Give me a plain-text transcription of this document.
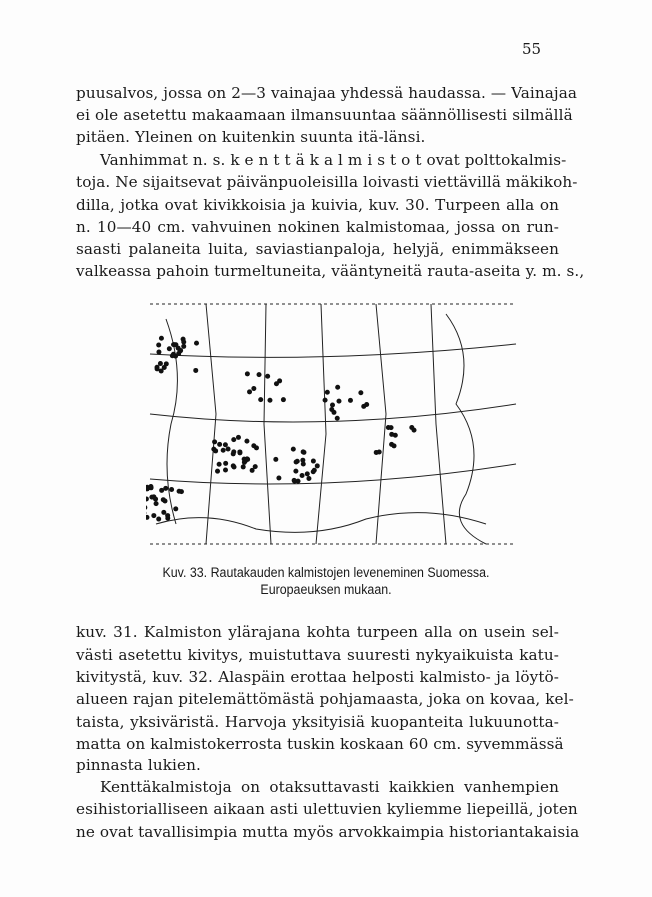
55
puusalvos, jossa on 2—3 vainajaa yhdessä haudassa. — Vainajaa
ei ole asetettu makaamaan ilmansuuntaa säännöllisesti silmällä
pitäen. Yleinen on kuitenkin suunta itä-länsi.
Vanhimmat n. s. k e n t t ä k a l m i s t o t ovat polttokalmis-
toja. Ne sijaitsevat päivänpuoleisilla loivasti viettävillä mäkikoh-
dilla, jotka ovat kivikkoisia ja kuivia, kuv. 30. Turpeen alla on
n. 10—40 cm. vahvuinen nokinen kalmistomaa, jossa on run-
saasti palaneita luita, saviastianpaloja, helyjä, enimmäkseen
valkeassa pahoin turmeltuneita, vääntyneitä rauta-aseita y. m. s.,
Kuv. 33. Rautakauden kalmistojen leveneminen Suomessa.
Europaeuksen mukaan.
kuv. 31. Kalmiston ylärajana kohta turpeen alla on usein sel-
västi asetettu kivitys, muistuttava suuresti nykyaikuista katu-
kivitystä, kuv. 32. Alaspäin erottaa helposti kalmisto- ja löytö-
alueen rajan pitelemättömästä pohjamaasta, joka on kovaa, kel-
taista, yksiväristä. Harvoja yksityisiä kuopanteita lukuunotta-
matta on kalmistokerrosta tuskin koskaan 60 cm. syvemmässä
pinnasta lukien.
Kenttäkalmistoja on otaksuttavasti kaikkien vanhempien
esihistorialliseen aikaan asti ulettuvien kyliemme liepeillä, joten
ne ovat tavallisimpia mutta myös arvokkaimpia historiantakaisia
